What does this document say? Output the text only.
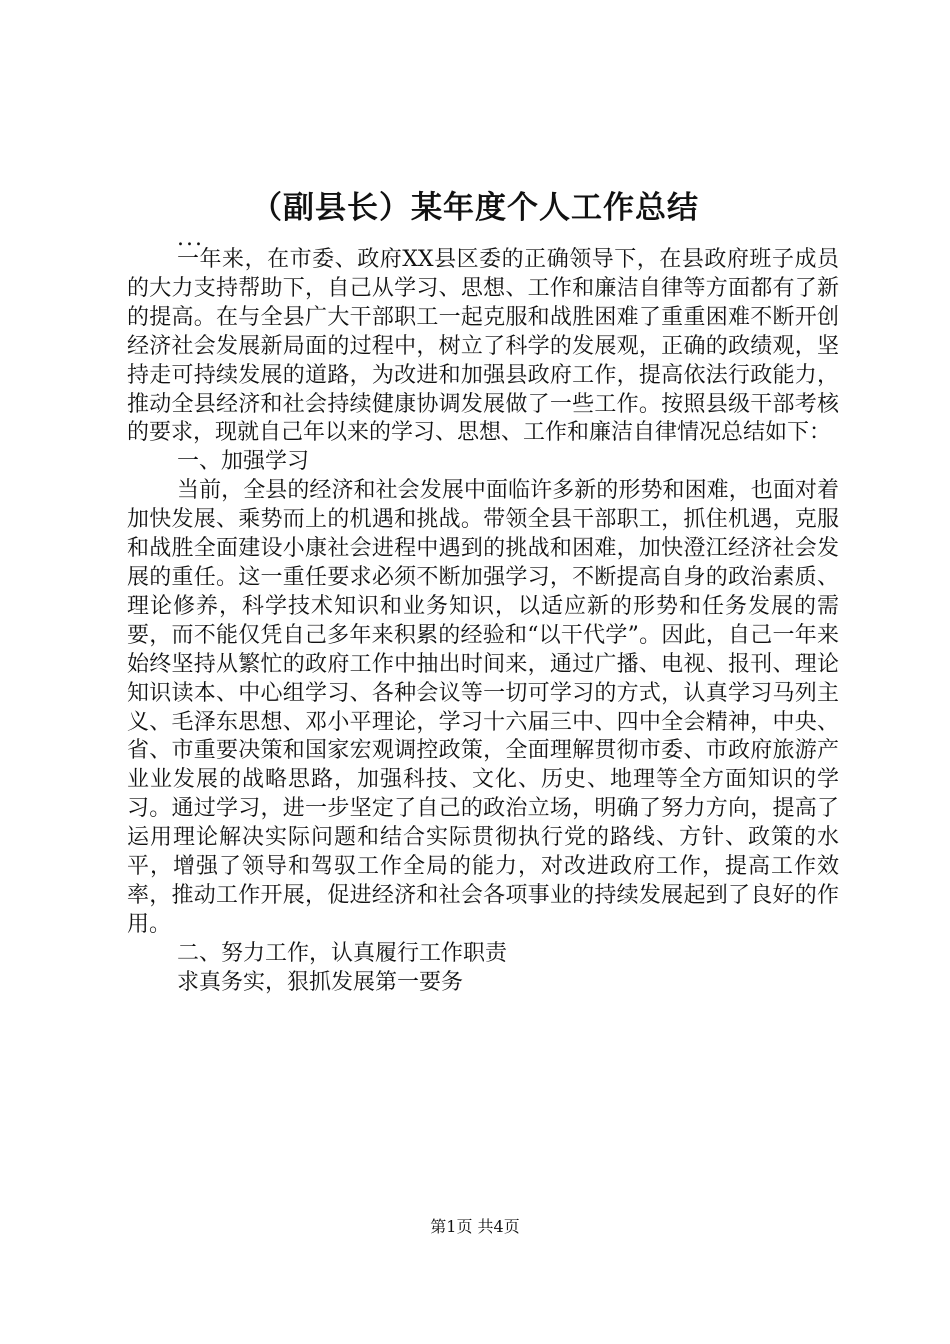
（副县长）某年度个人工作总结

...

一年来，在市委、政府XX县区委的正确领导下，在县政府班子成员的大力支持帮助下，自己从学习、思想、工作和廉洁自律等方面都有了新的提高。在与全县广大干部职工一起克服和战胜困难了重重困难不断开创经济社会发展新局面的过程中，树立了科学的发展观，正确的政绩观，坚持走可持续发展的道路，为改进和加强县政府工作，提高依法行政能力，推动全县经济和社会持续健康协调发展做了一些工作。按照县级干部考核的要求，现就自己年以来的学习、思想、工作和廉洁自律情况总结如下：

一、加强学习

当前，全县的经济和社会发展中面临许多新的形势和困难，也面对着加快发展、乘势而上的机遇和挑战。带领全县干部职工，抓住机遇，克服和战胜全面建设小康社会进程中遇到的挑战和困难，加快澄江经济社会发展的重任。这一重任要求必须不断加强学习，不断提高自身的政治素质、理论修养，科学技术知识和业务知识，以适应新的形势和任务发展的需要，而不能仅凭自己多年来积累的经验和“以干代学”。因此，自己一年来始终坚持从繁忙的政府工作中抽出时间来，通过广播、电视、报刊、理论知识读本、中心组学习、各种会议等一切可学习的方式，认真学习马列主义、毛泽东思想、邓小平理论，学习十六届三中、四中全会精神，中央、省、市重要决策和国家宏观调控政策，全面理解贯彻市委、市政府旅游产业业发展的战略思路，加强科技、文化、历史、地理等全方面知识的学习。通过学习，进一步坚定了自己的政治立场，明确了努力方向，提高了运用理论解决实际问题和结合实际贯彻执行党的路线、方针、政策的水平，增强了领导和驾驭工作全局的能力，对改进政府工作，提高工作效率，推动工作开展，促进经济和社会各项事业的持续发展起到了良好的作用。

二、努力工作，认真履行工作职责

求真务实，狠抓发展第一要务

第1页 共4页
